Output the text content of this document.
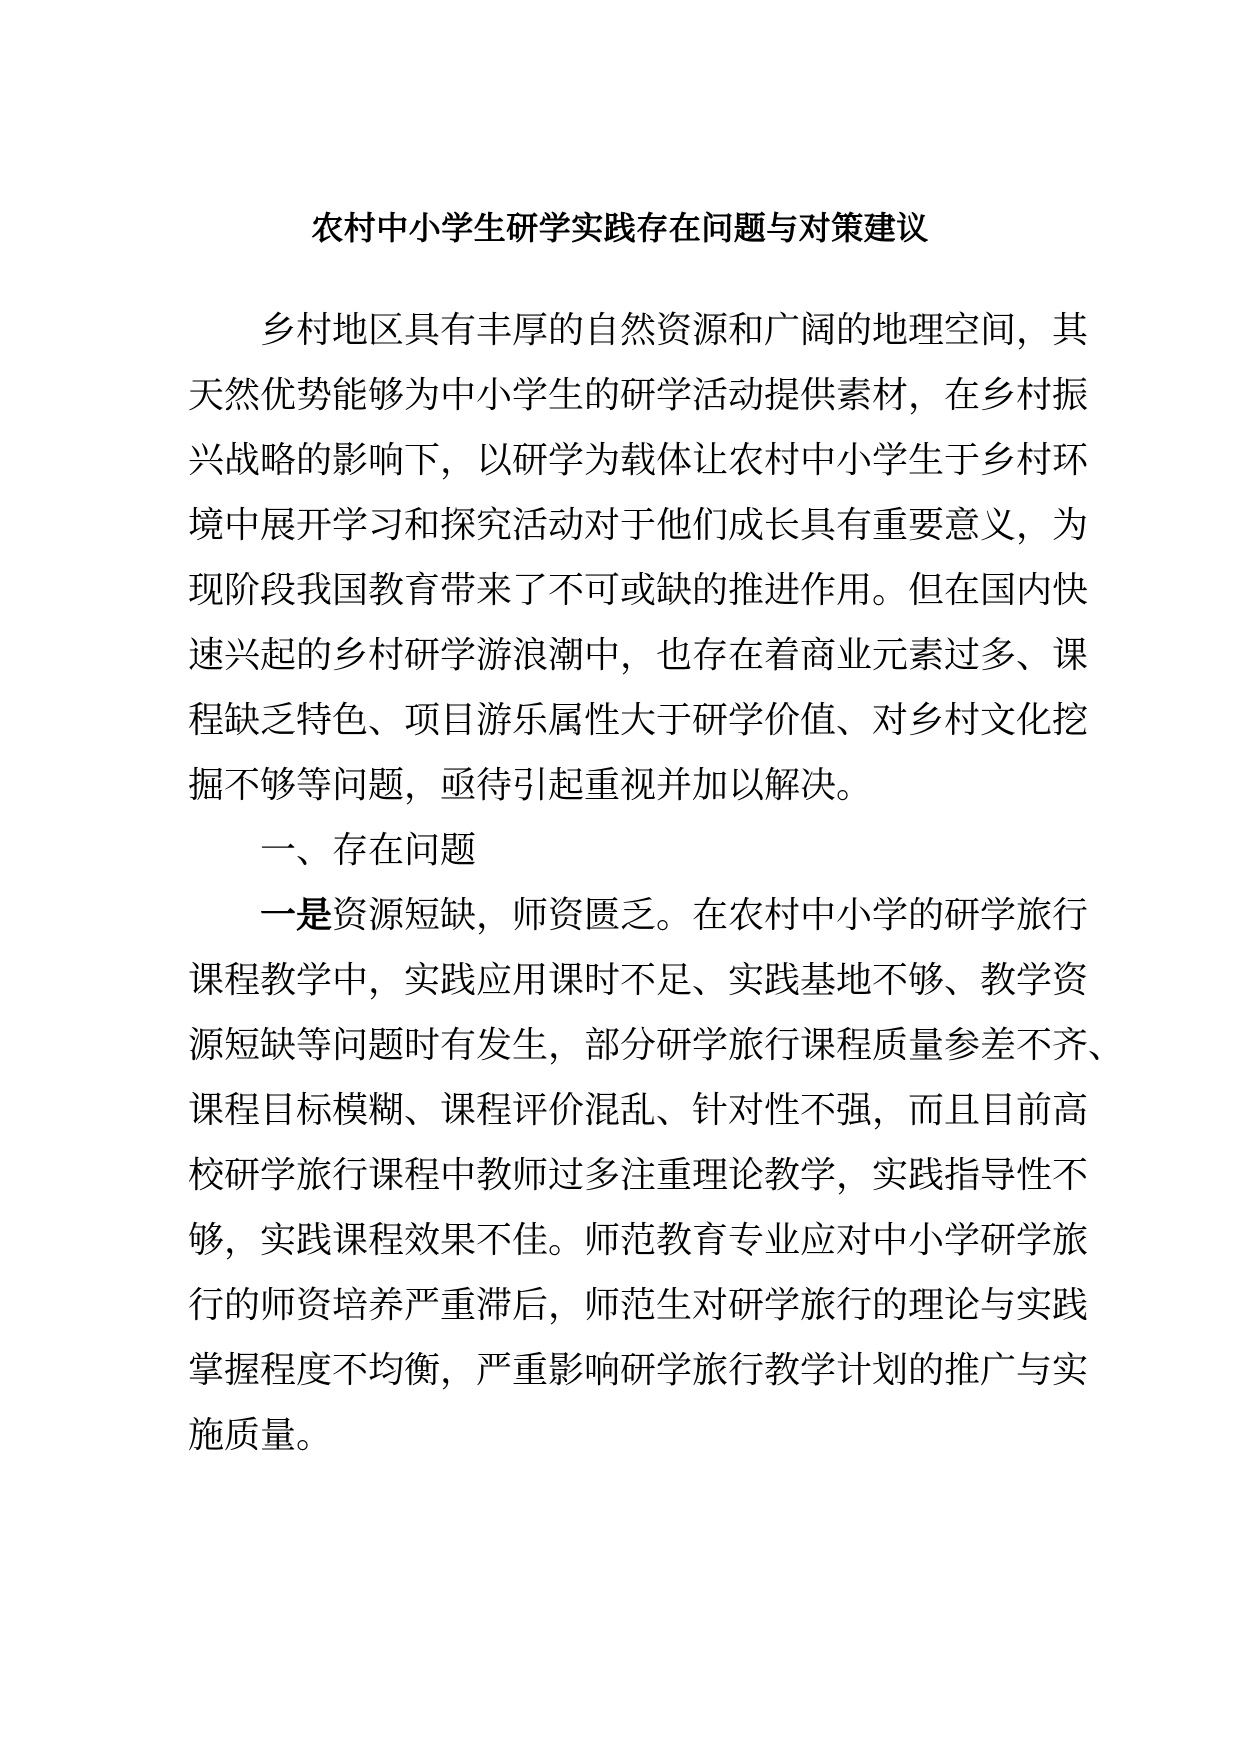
农村中小学生研学实践存在问题与对策建议
乡村地区具有丰厚的自然资源和广阔的地理空间，其
天然优势能够为中小学生的研学活动提供素材，在乡村振
兴战略的影响下，以研学为载体让农村中小学生于乡村环
境中展开学习和探究活动对于他们成长具有重要意义，为
现阶段我国教育带来了不可或缺的推进作用。但在国内快
速兴起的乡村研学游浪潮中，也存在着商业元素过多、课
程缺乏特色、项目游乐属性大于研学价值、对乡村文化挖
掘不够等问题，亟待引起重视并加以解决。
一、存在问题
一是资源短缺，师资匮乏。在农村中小学的研学旅行
课程教学中，实践应用课时不足、实践基地不够、教学资
源短缺等问题时有发生，部分研学旅行课程质量参差不齐、
课程目标模糊、课程评价混乱、针对性不强，而且目前高
校研学旅行课程中教师过多注重理论教学，实践指导性不
够，实践课程效果不佳。师范教育专业应对中小学研学旅
行的师资培养严重滞后，师范生对研学旅行的理论与实践
掌握程度不均衡，严重影响研学旅行教学计划的推广与实
施质量。
